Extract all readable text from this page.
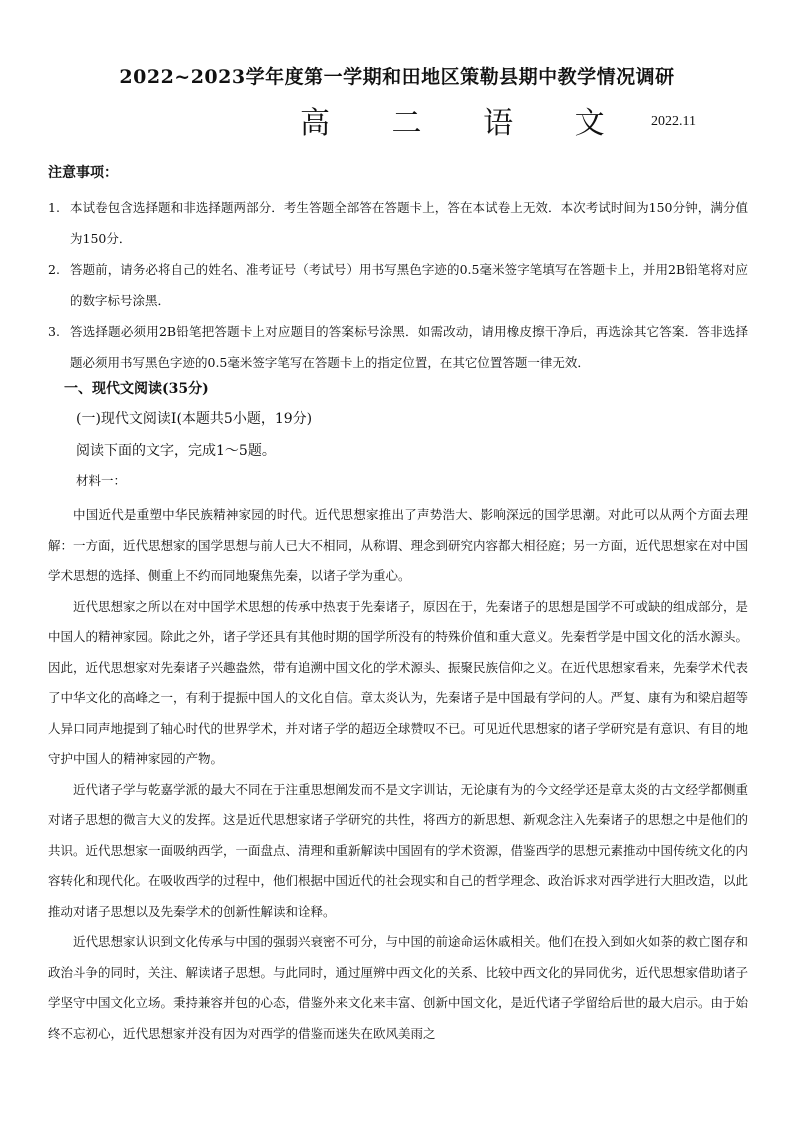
2022~2023学年度第一学期和田地区策勒县期中教学情况调研
高 二 语 文 2022.11
注意事项：
1. 本试卷包含选择题和非选择题两部分．考生答题全部答在答题卡上，答在本试卷上无效．本次考试时间为150分钟，满分值为150分．
2. 答题前，请务必将自己的姓名、准考证号（考试号）用书写黑色字迹的0.5毫米签字笔填写在答题卡上，并用2B铅笔将对应的数字标号涂黑．
3. 答选择题必须用2B铅笔把答题卡上对应题目的答案标号涂黑．如需改动，请用橡皮擦干净后，再选涂其它答案．答非选择题必须用书写黑色字迹的0.5毫米签字笔写在答题卡上的指定位置，在其它位置答题一律无效．
一、现代文阅读(35分)
(一)现代文阅读Ⅰ(本题共5小题，19分)
阅读下面的文字，完成1～5题。
材料一：

中国近代是重塑中华民族精神家园的时代。近代思想家推出了声势浩大、影响深远的国学思潮。对此可以从两个方面去理解：一方面，近代思想家的国学思想与前人已大不相同，从称谓、理念到研究内容都大相径庭；另一方面，近代思想家在对中国学术思想的选择、侧重上不约而同地聚焦先秦，以诸子学为重心。

近代思想家之所以在对中国学术思想的传承中热衷于先秦诸子，原因在于，先秦诸子的思想是国学不可或缺的组成部分，是中国人的精神家园。除此之外，诸子学还具有其他时期的国学所没有的特殊价值和重大意义。先秦哲学是中国文化的活水源头。因此，近代思想家对先秦诸子兴趣盎然，带有追溯中国文化的学术源头、振聚民族信仰之义。在近代思想家看来，先秦学术代表了中华文化的高峰之一，有利于提振中国人的文化自信。章太炎认为，先秦诸子是中国最有学问的人。严复、康有为和梁启超等人异口同声地提到了轴心时代的世界学术，并对诸子学的超迈全球赞叹不已。可见近代思想家的诸子学研究是有意识、有目的地守护中国人的精神家园的产物。

近代诸子学与乾嘉学派的最大不同在于注重思想阐发而不是文字训诂，无论康有为的今文经学还是章太炎的古文经学都侧重对诸子思想的微言大义的发挥。这是近代思想家诸子学研究的共性，将西方的新思想、新观念注入先秦诸子的思想之中是他们的共识。近代思想家一面吸纳西学，一面盘点、清理和重新解读中国固有的学术资源，借鉴西学的思想元素推动中国传统文化的内容转化和现代化。在吸收西学的过程中，他们根据中国近代的社会现实和自己的哲学理念、政治诉求对西学进行大胆改造，以此推动对诸子思想以及先秦学术的创新性解读和诠释。

近代思想家认识到文化传承与中国的强弱兴衰密不可分，与中国的前途命运休戚相关。他们在投入到如火如荼的救亡图存和政治斗争的同时，关注、解读诸子思想。与此同时，通过厘辨中西文化的关系、比较中西文化的异同优劣，近代思想家借助诸子学坚守中国文化立场。秉持兼容并包的心态，借鉴外来文化来丰富、创新中国文化，是近代诸子学留给后世的最大启示。由于始终不忘初心，近代思想家并没有因为对西学的借鉴而迷失在欧风美雨之
